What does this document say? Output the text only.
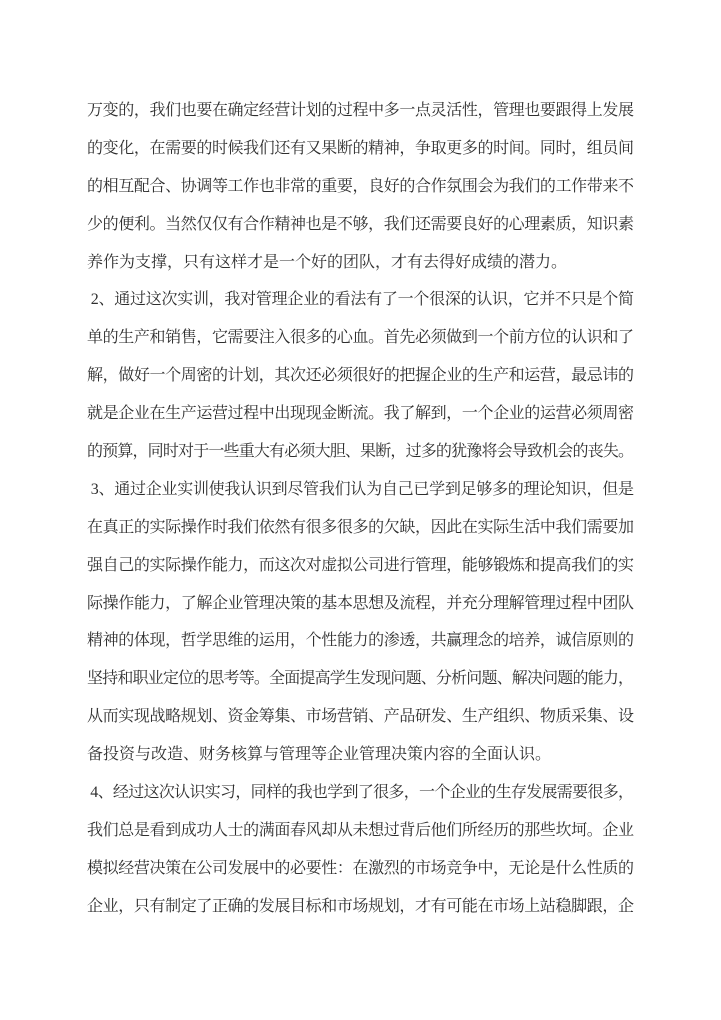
万变的，我们也要在确定经营计划的过程中多一点灵活性，管理也要跟得上发展
的变化，在需要的时候我们还有又果断的精神，争取更多的时间。同时，组员间
的相互配合、协调等工作也非常的重要，良好的合作氛围会为我们的工作带来不
少的便利。当然仅仅有合作精神也是不够，我们还需要良好的心理素质，知识素
养作为支撑，只有这样才是一个好的团队，才有去得好成绩的潜力。
2、通过这次实训，我对管理企业的看法有了一个很深的认识，它并不只是个简
单的生产和销售，它需要注入很多的心血。首先必须做到一个前方位的认识和了
解，做好一个周密的计划，其次还必须很好的把握企业的生产和运营，最忌讳的
就是企业在生产运营过程中出现现金断流。我了解到，一个企业的运营必须周密
的预算，同时对于一些重大有必须大胆、果断，过多的犹豫将会导致机会的丧失。
3、通过企业实训使我认识到尽管我们认为自己已学到足够多的理论知识，但是
在真正的实际操作时我们依然有很多很多的欠缺，因此在实际生活中我们需要加
强自己的实际操作能力，而这次对虚拟公司进行管理，能够锻炼和提高我们的实
际操作能力，了解企业管理决策的基本思想及流程，并充分理解管理过程中团队
精神的体现，哲学思维的运用，个性能力的渗透，共赢理念的培养，诚信原则的
坚持和职业定位的思考等。全面提高学生发现问题、分析问题、解决问题的能力，
从而实现战略规划、资金筹集、市场营销、产品研发、生产组织、物质采集、设
备投资与改造、财务核算与管理等企业管理决策内容的全面认识。
4、经过这次认识实习，同样的我也学到了很多，一个企业的生存发展需要很多，
我们总是看到成功人士的满面春风却从未想过背后他们所经历的那些坎坷。企业
模拟经营决策在公司发展中的必要性：在激烈的市场竞争中，无论是什么性质的
企业，只有制定了正确的发展目标和市场规划，才有可能在市场上站稳脚跟，企
